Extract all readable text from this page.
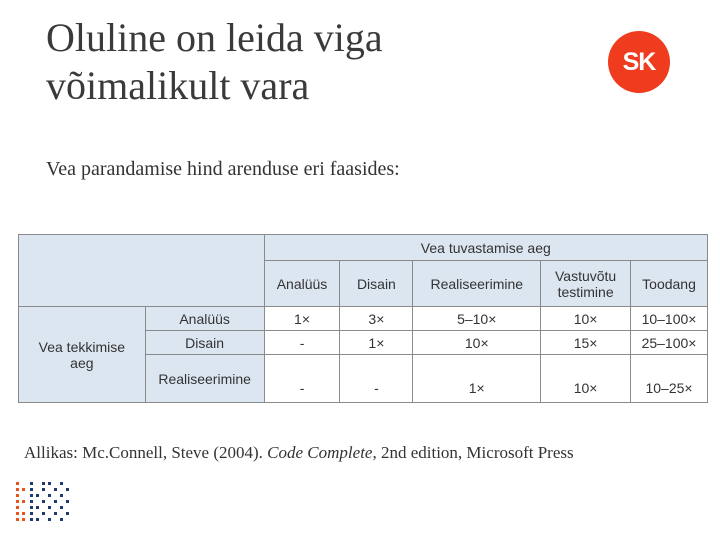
Oluline on leida viga
võimalikult vara
SK
Vea parandamise hind arenduse eri faasides:
		Vea tuvastamise aeg				
		Analüüs	Disain	Realiseerimine	Vastuvõtu
testimine	Toodang
Vea tekkimise
aeg	Analüüs	1×	3×	5–10×	10×	10–100×
	Disain	-	1×	10×	15×	25–100×
	Realiseerimine	-	-	1×	10×	10–25×
Allikas: Mc.Connell, Steve (2004). Code Complete, 2nd edition, Microsoft Press
